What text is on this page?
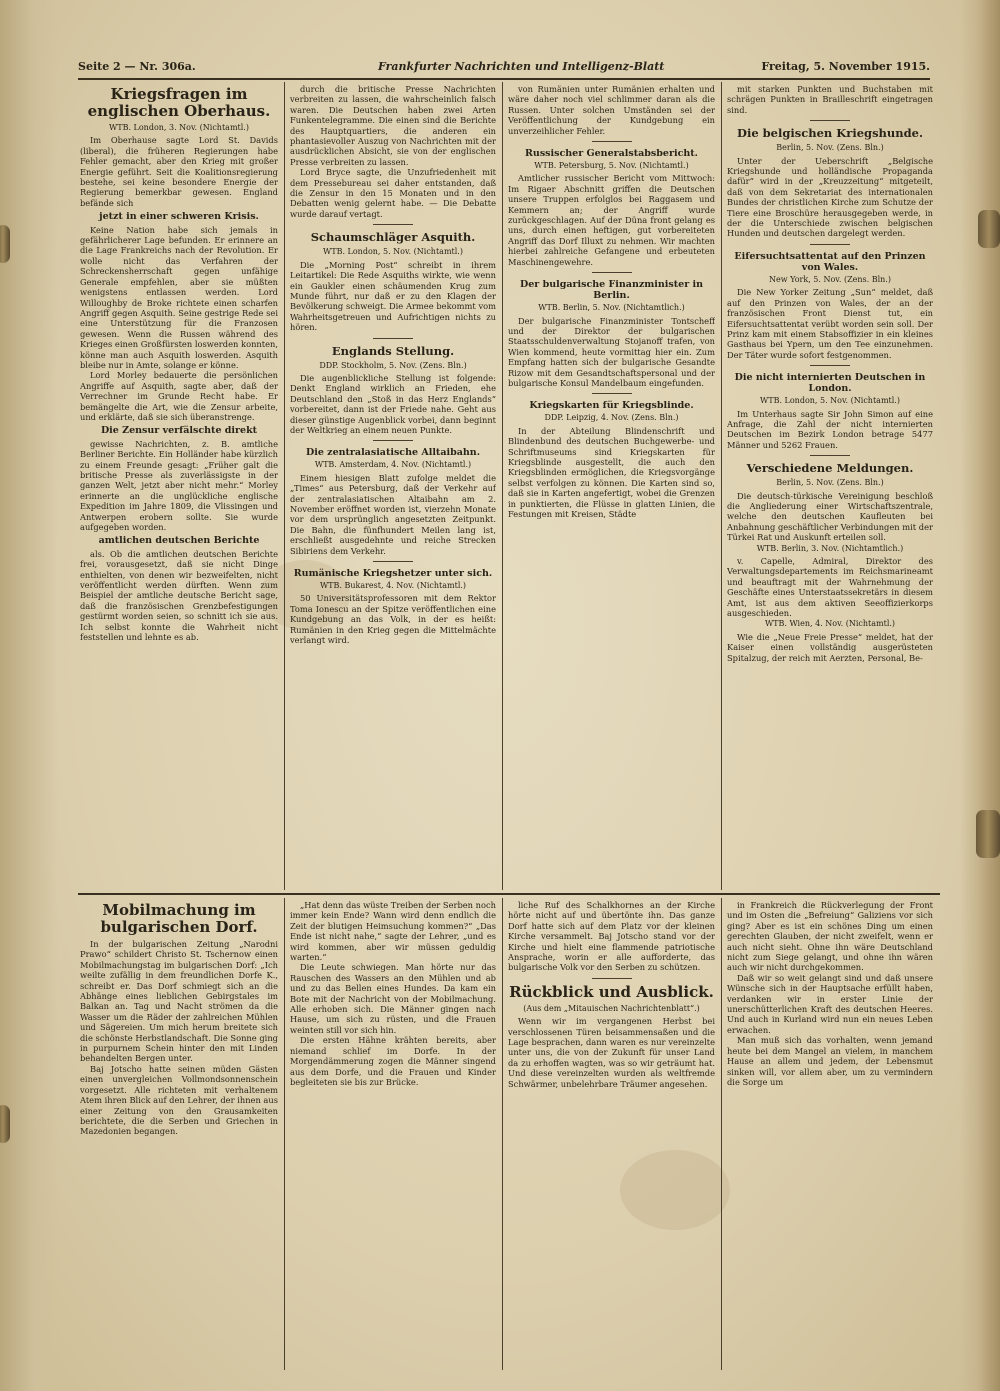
Seite 2 — Nr. 306a.	Frankfurter Nachrichten und Intelligenz-Blatt	Freitag, 5. November 1915.
Kriegsfragen im englischen Oberhaus.
WTB. London, 3. Nov. (Nichtamtl.)

Im Oberhause sagte Lord St. Davids (liberal), die früheren Regierungen habe Fehler gemacht, aber den Krieg mit großer Energie geführt. Seit die Koalitionsregierung bestehe, sei keine besondere Energie der Regierung bemerkbar gewesen. England befände sich

jetzt in einer schweren Krisis.

Keine Nation habe sich jemals in gefährlicherer Lage befunden. Er erinnere an die Lage Frankreichs nach der Revolution. Er wolle nicht das Verfahren der Schreckensherrschaft gegen unfähige Generale empfehlen, aber sie müßten wenigstens entlassen werden. Lord Willoughby de Broke richtete einen scharfen Angriff gegen Asquith. Seine gestrige Rede sei eine Unterstützung für die Franzosen gewesen. Wenn die Russen während des Krieges einen Großfürsten loswerden konnten, könne man auch Asquith loswerden. Asquith bleibe nur in Amte, solange er könne.

Lord Morley bedauerte die persönlichen Angriffe auf Asquith, sagte aber, daß der Verrechner im Grunde Recht habe. Er bemängelte die Art, wie die Zensur arbeite, und erklärte, daß sie sich überanstrenge.

Die Zensur verfälschte direkt

gewisse Nachrichten, z. B. amtliche Berliner Berichte. Ein Holländer habe kürzlich zu einem Freunde gesagt: „Früher galt die britische Presse als zuverlässigste in der ganzen Welt, jetzt aber nicht mehr.“ Morley erinnerte an die unglückliche englische Expedition im Jahre 1809, die Vlissingen und Antwerpen erobern sollte. Sie wurde aufgegeben worden.

amtlichen deutschen Berichte

als. Ob die amtlichen deutschen Berichte frei, vorausgesetzt, daß sie nicht Dinge enthielten, von denen wir bezweifelten, nicht veröffentlicht werden dürften. Wenn zum Beispiel der amtliche deutsche Bericht sage, daß die französischen Grenzbefestigungen gestürmt worden seien, so schnitt ich sie aus. Ich selbst konnte die Wahrheit nicht feststellen und lehnte es ab.

durch die britische Presse Nachrichten verbreiten zu lassen, die wahrscheinlich falsch waren. Die Deutschen haben zwei Arten Funkentelegramme. Die einen sind die Berichte des Hauptquartiers, die anderen ein phantasievoller Auszug von Nachrichten mit der ausdrücklichen Absicht, sie von der englischen Presse verbreiten zu lassen.

Lord Bryce sagte, die Unzufriedenheit mit dem Pressebureau sei daher entstanden, daß die Zensur in den 15 Monaten und in den Debatten wenig gelernt habe. — Die Debatte wurde darauf vertagt.

Schaumschläger Asquith.
WTB. London, 5. Nov. (Nichtamtl.)

Die „Morning Post“ schreibt in ihrem Leitartikel: Die Rede Asquiths wirkte, wie wenn ein Gaukler einen schäumenden Krug zum Munde führt, nur daß er zu den Klagen der Bevölkerung schweigt. Die Armee bekommt vom Wahrheitsgetreuen und Aufrichtigen nichts zu hören.

Englands Stellung.
DDP. Stockholm, 5. Nov. (Zens. Bln.)

Die augenblickliche Stellung ist folgende: Denkt England wirklich an Frieden, ehe Deutschland den „Stoß in das Herz Englands“ vorbereitet, dann ist der Friede nahe. Geht aus dieser günstige Augenblick vorbei, dann beginnt der Weltkrieg an einem neuen Punkte.

Die zentralasiatische Alltaibahn.
WTB. Amsterdam, 4. Nov. (Nichtamtl.)

Einem hiesigen Blatt zufolge meldet die „Times“ aus Petersburg, daß der Verkehr auf der zentralasiatischen Altaibahn am 2. November eröffnet worden ist, vierzehn Monate vor dem ursprünglich angesetzten Zeitpunkt. Die Bahn, die fünfhundert Meilen lang ist, erschließt ausgedehnte und reiche Strecken Sibiriens dem Verkehr.

Rumänische Kriegshetzer unter sich.
WTB. Bukarest, 4. Nov. (Nichtamtl.)

50 Universitätsprofessoren mit dem Rektor Toma Ionescu an der Spitze veröffentlichen eine Kundgebung an das Volk, in der es heißt: Rumänien in den Krieg gegen die Mittelmächte verlangt wird.

von Rumänien unter Rumänien erhalten und wäre daher noch viel schlimmer daran als die Russen. Unter solchen Umständen sei der Veröffentlichung der Kundgebung ein unverzeihlicher Fehler.

Russischer Generalstabsbericht.
WTB. Petersburg, 5. Nov. (Nichtamtl.)

Amtlicher russischer Bericht vom Mittwoch: Im Rigaer Abschnitt griffen die Deutschen unsere Truppen erfolglos bei Raggasem und Kemmern an; der Angriff wurde zurückgeschlagen. Auf der Düna front gelang es uns, durch einen heftigen, gut vorbereiteten Angriff das Dorf Illuxt zu nehmen. Wir machten hierbei zahlreiche Gefangene und erbeuteten Maschinengewehre.

Der bulgarische Finanzminister in Berlin.
WTB. Berlin, 5. Nov. (Nichtamtlich.)

Der bulgarische Finanzminister Tontscheff und der Direktor der bulgarischen Staatsschuldenverwaltung Stojanoff trafen, von Wien kommend, heute vormittag hier ein. Zum Empfang hatten sich der bulgarische Gesandte Rizow mit dem Gesandtschaftspersonal und der bulgarische Konsul Mandelbaum eingefunden.

Kriegskarten für Kriegsblinde.
DDP. Leipzig, 4. Nov. (Zens. Bln.)

In der Abteilung Blindenschrift und Blindenbund des deutschen Buchgewerbe- und Schriftmuseums sind Kriegskarten für Kriegsblinde ausgestellt, die auch den Kriegsblinden ermöglichen, die Kriegsvorgänge selbst verfolgen zu können. Die Karten sind so, daß sie in Karten angefertigt, wobei die Grenzen in punktierten, die Flüsse in glatten Linien, die Festungen mit Kreisen, Städte

mit starken Punkten und Buchstaben mit schrägen Punkten in Brailleschrift eingetragen sind.

Die belgischen Kriegshunde.
Berlin, 5. Nov. (Zens. Bln.)

Unter der Ueberschrift „Belgische Kriegshunde und holländische Propaganda dafür“ wird in der „Kreuzzeitung“ mitgeteilt, daß von dem Sekretariat des internationalen Bundes der christlichen Kirche zum Schutze der Tiere eine Broschüre herausgegeben werde, in der die Unterschiede zwischen belgischen Hunden und deutschen dargelegt werden.

Eifersuchtsattentat auf den Prinzen von Wales.
New York, 5. Nov. (Zens. Bln.)

Die New Yorker Zeitung „Sun“ meldet, daß auf den Prinzen von Wales, der an der französischen Front Dienst tut, ein Eifersuchtsattentat verübt worden sein soll. Der Prinz kam mit einem Stabsoffizier in ein kleines Gasthaus bei Ypern, um den Tee einzunehmen. Der Täter wurde sofort festgenommen.

Die nicht internierten Deutschen in London.
WTB. London, 5. Nov. (Nichtamtl.)

Im Unterhaus sagte Sir John Simon auf eine Anfrage, die Zahl der nicht internierten Deutschen im Bezirk London betrage 5477 Männer und 5262 Frauen.

Verschiedene Meldungen.
Berlin, 5. Nov. (Zens. Bln.)

Die deutsch-türkische Vereinigung beschloß die Angliederung einer Wirtschaftszentrale, welche den deutschen Kaufleuten bei Anbahnung geschäftlicher Verbindungen mit der Türkei Rat und Auskunft erteilen soll.

WTB. Berlin, 3. Nov. (Nichtamtlich.)

v. Capelle, Admiral, Direktor des Verwaltungsdepartements im Reichsmarineamt und beauftragt mit der Wahrnehmung der Geschäfte eines Unterstaatssekretärs in diesem Amt, ist aus dem aktiven Seeoffizierkorps ausgeschieden.

WTB. Wien, 4. Nov. (Nichtamtl.)

Wie die „Neue Freie Presse“ meldet, hat der Kaiser einen vollständig ausgerüsteten Spitalzug, der reich mit Aerzten, Personal, Be-

Mobilmachung im bulgarischen Dorf.

In der bulgarischen Zeitung „Narodni Prawo“ schildert Christo St. Tschernow einen Mobilmachungstag im bulgarischen Dorf: „Ich weilte zufällig in dem freundlichen Dorfe K., schreibt er. Das Dorf schmiegt sich an die Abhänge eines lieblichen Gebirgstales im Balkan an. Tag und Nacht strömen da die Wasser um die Räder der zahlreichen Mühlen und Sägereien. Um mich herum breitete sich die schönste Herbstlandschaft. Die Sonne ging in purpurnem Schein hinter den mit Linden behandelten Bergen unter.

Baj Jotscho hatte seinen müden Gästen einen unvergleichen Vollmondsonnenschein vorgesetzt. Alle richteten mit verhaltenem Atem ihren Blick auf den Lehrer, der ihnen aus einer Zeitung von den Grausamkeiten berichtete, die die Serben und Griechen in Mazedonien begangen.

„Hat denn das wüste Treiben der Serben noch immer kein Ende? Wann wird denn endlich die Zeit der blutigen Heimsuchung kommen?“ „Das Ende ist nicht nahe,“ sagte der Lehrer, „und es wird kommen, aber wir müssen geduldig warten.“

Die Leute schwiegen. Man hörte nur das Rauschen des Wassers an den Mühlen und ab und zu das Bellen eines Hundes. Da kam ein Bote mit der Nachricht von der Mobilmachung. Alle erhoben sich. Die Männer gingen nach Hause, um sich zu rüsten, und die Frauen weinten still vor sich hin.

Die ersten Hähne krähten bereits, aber niemand schlief im Dorfe. In der Morgendämmerung zogen die Männer singend aus dem Dorfe, und die Frauen und Kinder begleiteten sie bis zur Brücke.

liche Ruf des Schalkhornes an der Kirche hörte nicht auf und übertönte ihn. Das ganze Dorf hatte sich auf dem Platz vor der kleinen Kirche versammelt. Baj Jotscho stand vor der Kirche und hielt eine flammende patriotische Ansprache, worin er alle aufforderte, das bulgarische Volk vor den Serben zu schützen.

Rückblick und Ausblick.
(Aus dem „Mitauischen Nachrichtenblatt“.)

Wenn wir im vergangenen Herbst bei verschlossenen Türen beisammensaßen und die Lage besprachen, dann waren es nur vereinzelte unter uns, die von der Zukunft für unser Land da zu erhoffen wagten, was so wir geträumt hat. Und diese vereinzelten wurden als weltfremde Schwärmer, unbelehrbare Träumer angesehen.

in Frankreich die Rückverlegung der Front und im Osten die „Befreiung“ Galiziens vor sich ging? Aber es ist ein schönes Ding um einen gerechten Glauben, der nicht zweifelt, wenn er auch nicht sieht. Ohne ihn wäre Deutschland nicht zum Siege gelangt, und ohne ihn wären auch wir nicht durchgekommen.

Daß wir so weit gelangt sind und daß unsere Wünsche sich in der Hauptsache erfüllt haben, verdanken wir in erster Linie der unerschütterlichen Kraft des deutschen Heeres. Und auch in Kurland wird nun ein neues Leben erwachen.

Man muß sich das vorhalten, wenn jemand heute bei dem Mangel an vielem, in manchem Hause an allem und jedem, der Lebensmut sinken will, vor allem aber, um zu vermindern die Sorge um
